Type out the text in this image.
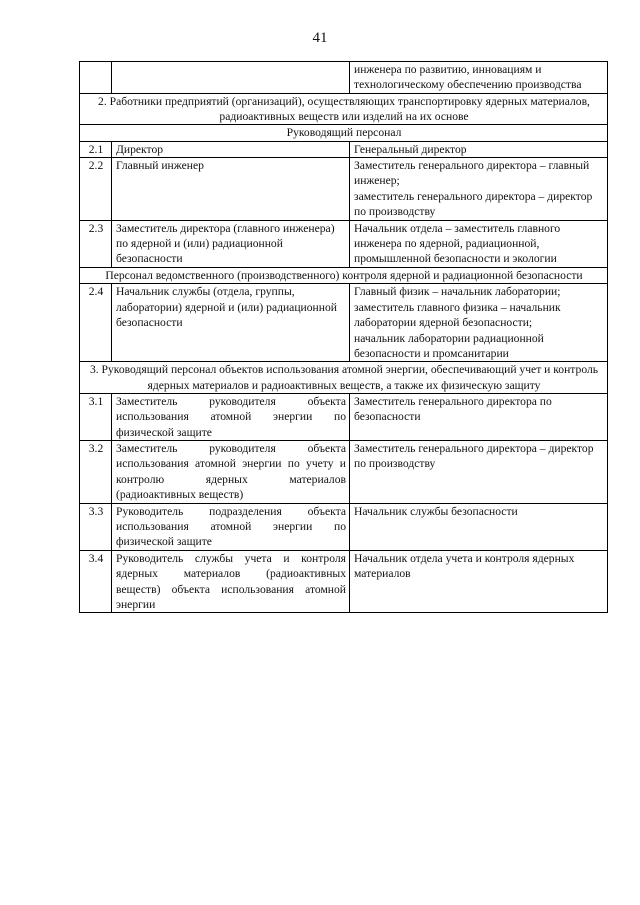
41

		инженера по развитию, инновациям и технологическому обеспечению производства

2. Работники предприятий (организаций), осуществляющих транспортировку ядерных материалов, радиоактивных веществ или изделий на их основе		
Руководящий персонал		
2.1	Директор	Генеральный директор

2.2	Главный инженер	Заместитель генерального директора – главный инженер;
заместитель генерального директора – директор по производству

2.3	Заместитель директора (главного инженера) по ядерной и (или) радиационной безопасности	Начальник отдела – заместитель главного инженера по ядерной, радиационной, промышленной безопасности и экологии

Персонал ведомственного (производственного) контроля ядерной и радиационной безопасности		
2.4	Начальник службы (отдела, группы, лаборатории) ядерной и (или) радиационной безопасности	Главный физик – начальник лаборатории;
заместитель главного физика – начальник лаборатории ядерной безопасности;
начальник лаборатории радиационной безопасности и промсанитарии

3. Руководящий персонал объектов использования атомной энергии, обеспечивающий учет и контроль ядерных материалов и радиоактивных веществ, а также их физическую защиту		
3.1	Заместитель руководителя объекта использования атомной энергии по физической защите	Заместитель генерального директора по безопасности

3.2	Заместитель руководителя объекта использования атомной энергии по учету и контролю ядерных материалов (радиоактивных веществ)	Заместитель генерального директора – директор по производству

3.3	Руководитель подразделения объекта использования атомной энергии по физической защите	Начальник службы безопасности

3.4	Руководитель службы учета и контроля ядерных материалов (радиоактивных веществ) объекта использования атомной энергии	Начальник отдела учета и контроля ядерных материалов
